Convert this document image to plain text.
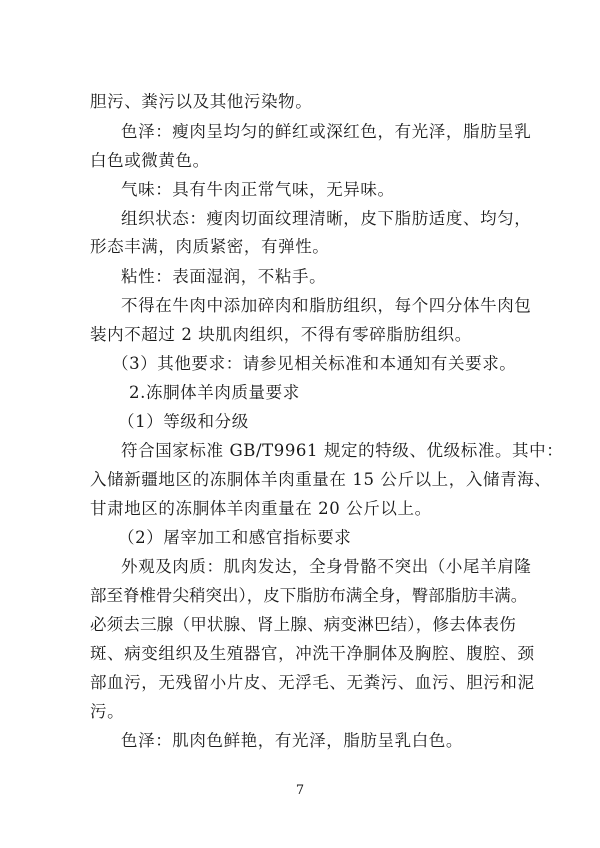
胆污、粪污以及其他污染物。
色泽：瘦肉呈均匀的鲜红或深红色，有光泽，脂肪呈乳
白色或微黄色。
气味：具有牛肉正常气味，无异味。
组织状态：瘦肉切面纹理清晰，皮下脂肪适度、均匀，
形态丰满，肉质紧密，有弹性。
粘性：表面湿润，不粘手。
不得在牛肉中添加碎肉和脂肪组织，每个四分体牛肉包
装内不超过 2 块肌肉组织，不得有零碎脂肪组织。
（3）其他要求：请参见相关标准和本通知有关要求。
2.冻胴体羊肉质量要求
（1）等级和分级
符合国家标准 GB/T9961 规定的特级、优级标准。其中：
入储新疆地区的冻胴体羊肉重量在 15 公斤以上，入储青海、
甘肃地区的冻胴体羊肉重量在 20 公斤以上。
（2）屠宰加工和感官指标要求
外观及肉质：肌肉发达，全身骨骼不突出（小尾羊肩隆
部至脊椎骨尖稍突出），皮下脂肪布满全身，臀部脂肪丰满。
必须去三腺（甲状腺、肾上腺、病变淋巴结），修去体表伤
斑、病变组织及生殖器官，冲洗干净胴体及胸腔、腹腔、颈
部血污，无残留小片皮、无浮毛、无粪污、血污、胆污和泥
污。
色泽：肌肉色鲜艳，有光泽，脂肪呈乳白色。
7
